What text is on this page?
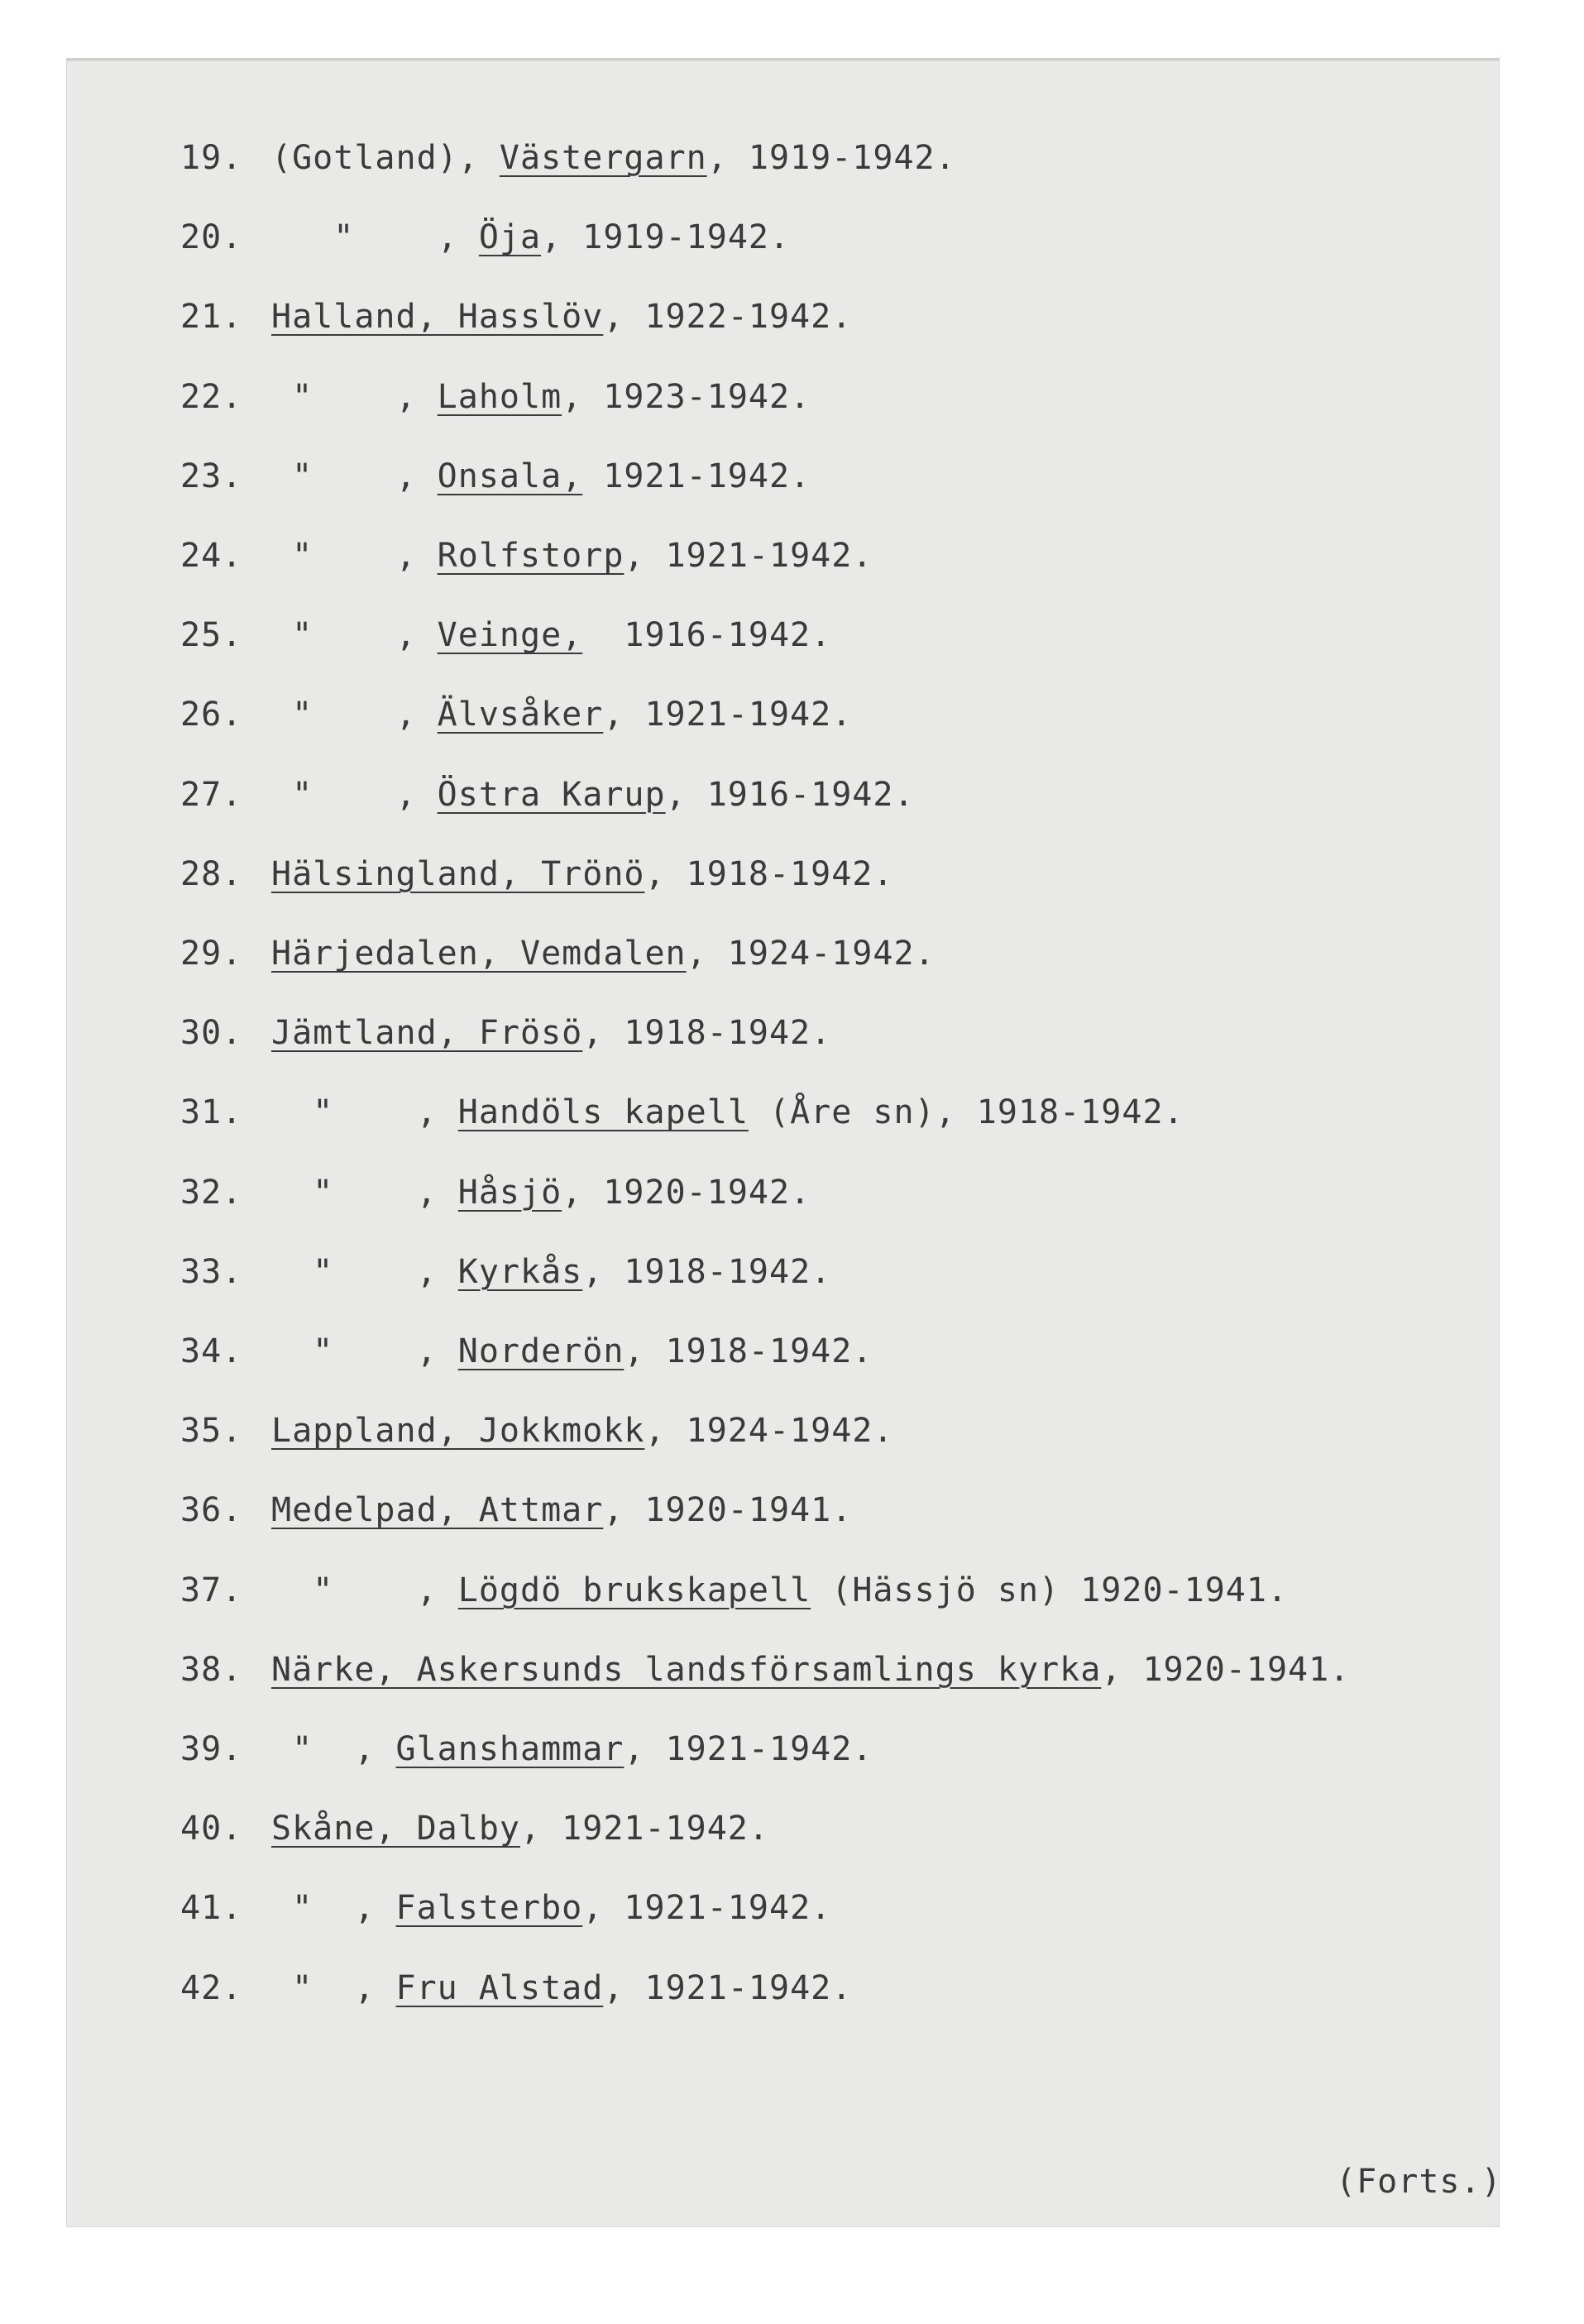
19. (Gotland), Västergarn, 1919-1942.
20.   "    , Öja, 1919-1942.
21. Halland, Hasslöv, 1922-1942.
22. "    , Laholm, 1923-1942.
23. "    , Onsala, 1921-1942.
24. "    , Rolfstorp, 1921-1942.
25. "    , Veinge,  1916-1942.
26. "    , Älvsåker, 1921-1942.
27. "    , Östra Karup, 1916-1942.
28. Hälsingland, Trönö, 1918-1942.
29. Härjedalen, Vemdalen, 1924-1942.
30. Jämtland, Frösö, 1918-1942.
31.  "    , Handöls kapell (Åre sn), 1918-1942.
32.  "    , Håsjö, 1920-1942.
33.  "    , Kyrkås, 1918-1942.
34.  "    , Norderön, 1918-1942.
35. Lappland, Jokkmokk, 1924-1942.
36. Medelpad, Attmar, 1920-1941.
37.  "    , Lögdö brukskapell (Hässjö sn) 1920-1941.
38. Närke, Askersunds landsförsamlings kyrka, 1920-1941.
39. "  , Glanshammar, 1921-1942.
40. Skåne, Dalby, 1921-1942.
41. "  , Falsterbo, 1921-1942.
42. "  , Fru Alstad, 1921-1942.
(Forts.)
